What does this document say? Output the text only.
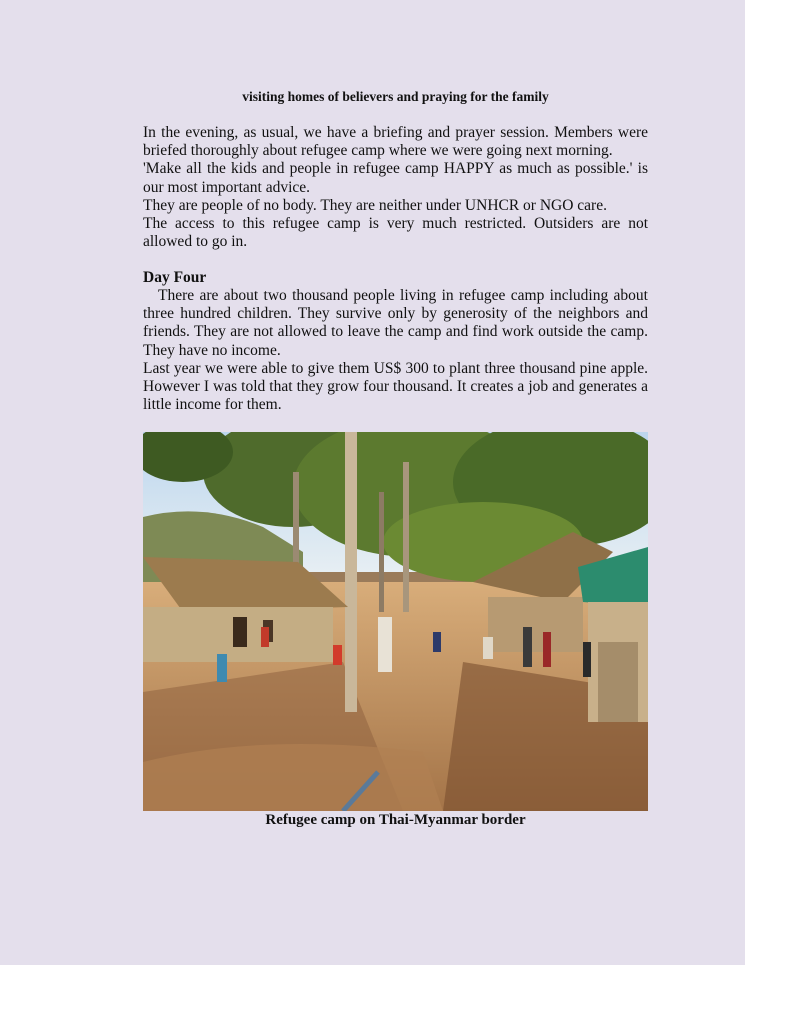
visiting homes of believers and praying for the family

In the evening, as usual, we have a briefing and prayer session. Members were briefed thoroughly about refugee camp where we were going next morning.

'Make all the kids and people in refugee camp HAPPY as much as possible.' is our most important advice.

They are people of no body. They are neither under UNHCR or NGO care.

The access to this refugee camp is very much restricted. Outsiders are not allowed to go in.

Day Four

There are about two thousand people living in refugee camp including about three hundred children. They survive only by generosity of the neighbors and friends. They are not allowed to leave the camp and find work outside the camp. They have no income.

Last year we were able to give them US$ 300 to plant three thousand pine apple. However I was told that they grow four thousand. It creates a job and generates a little income for them.

Refugee camp on Thai-Myanmar border
